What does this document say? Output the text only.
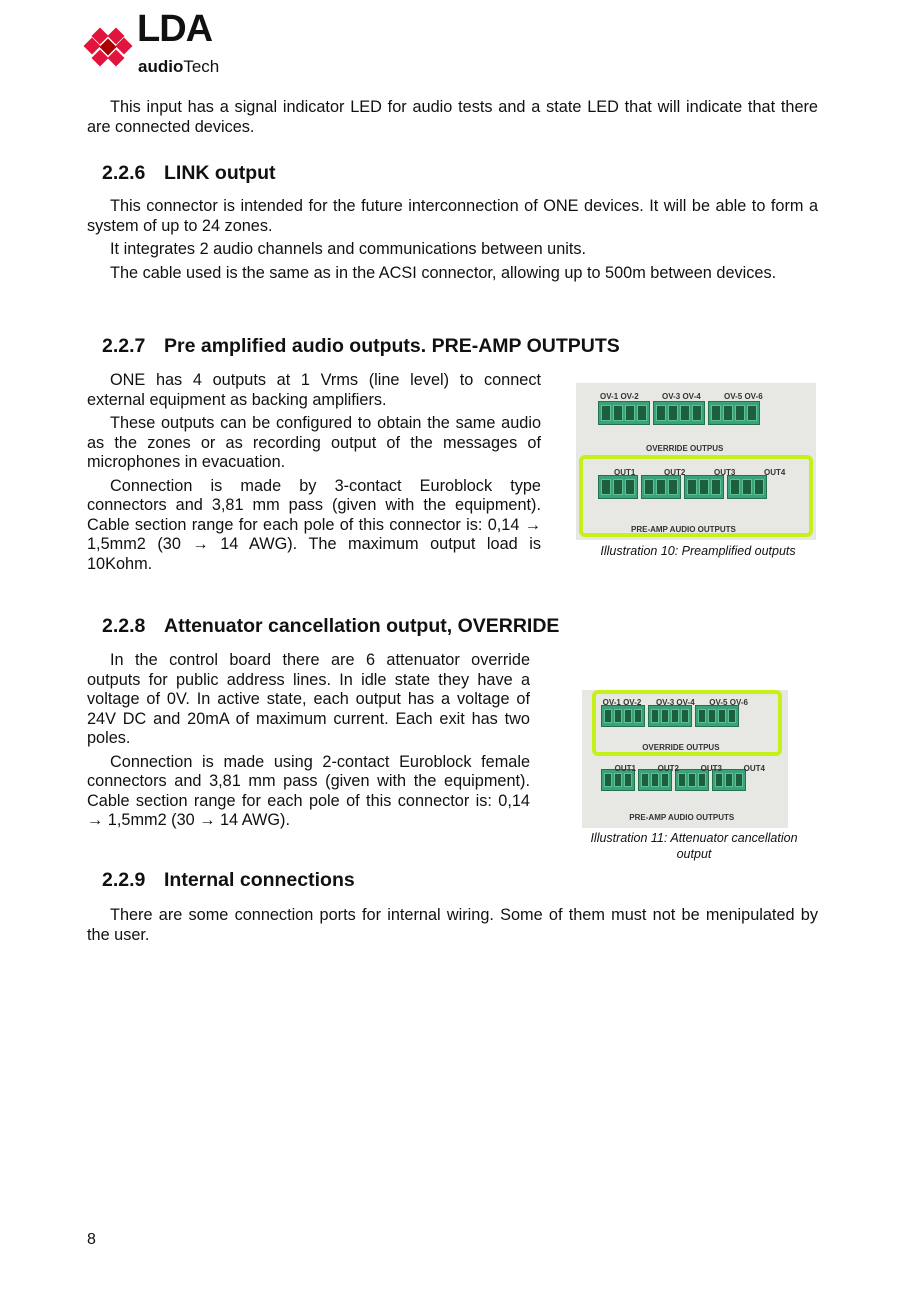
LDA
audioTech

This input has a signal indicator LED for audio tests and a state LED that will indicate that there are connected devices.

2.2.6 LINK output

This connector is intended for the future interconnection of ONE devices. It will be able to form a system of up to 24 zones.

It integrates 2 audio channels and communications between units.

The cable used is the same as in the ACSI connector, allowing up to 500m between devices.

2.2.7 Pre amplified audio outputs. PRE-AMP OUTPUTS

ONE has 4 outputs at 1 Vrms (line level) to connect external equipment as backing amplifiers.

These outputs can be configured to obtain the same audio as the zones or as recording output of the messages of microphones in evacuation.

Connection is made by 3-contact Euroblock type connectors and 3,81 mm pass (given with the equipment). Cable section range for each pole of this connector is: 0,14 → 1,5mm2 (30 → 14 AWG). The maximum output load is 10Kohm.

OV-1 OV-2	OV-3 OV-4	OV-5 OV-6
OVERRIDE OUTPUS
OUT1	OUT2	OUT3	OUT4
PRE-AMP AUDIO OUTPUTS
Illustration 10: Preamplified outputs
2.2.8 Attenuator cancellation output, OVERRIDE

In the control board there are 6 attenuator override outputs for public address lines. In idle state they have a voltage of 0V. In active state, each output has a voltage of 24V DC and 20mA of maximum current. Each exit has two poles.

Connection is made using 2-contact Euroblock female connectors and 3,81 mm pass (given with the equipment). Cable section range for each pole of this connector is: 0,14 → 1,5mm2 (30 → 14 AWG).

OV-1 OV-2 OV-3 OV-4 OV-5 OV-6
OVERRIDE OUTPUS
OUT1	OUT2	OUT3	OUT4
PRE-AMP AUDIO OUTPUTS
Illustration 11: Attenuator cancellation output
2.2.9 Internal connections

There are some connection ports for internal wiring. Some of them must not be menipulated by the user.

8
